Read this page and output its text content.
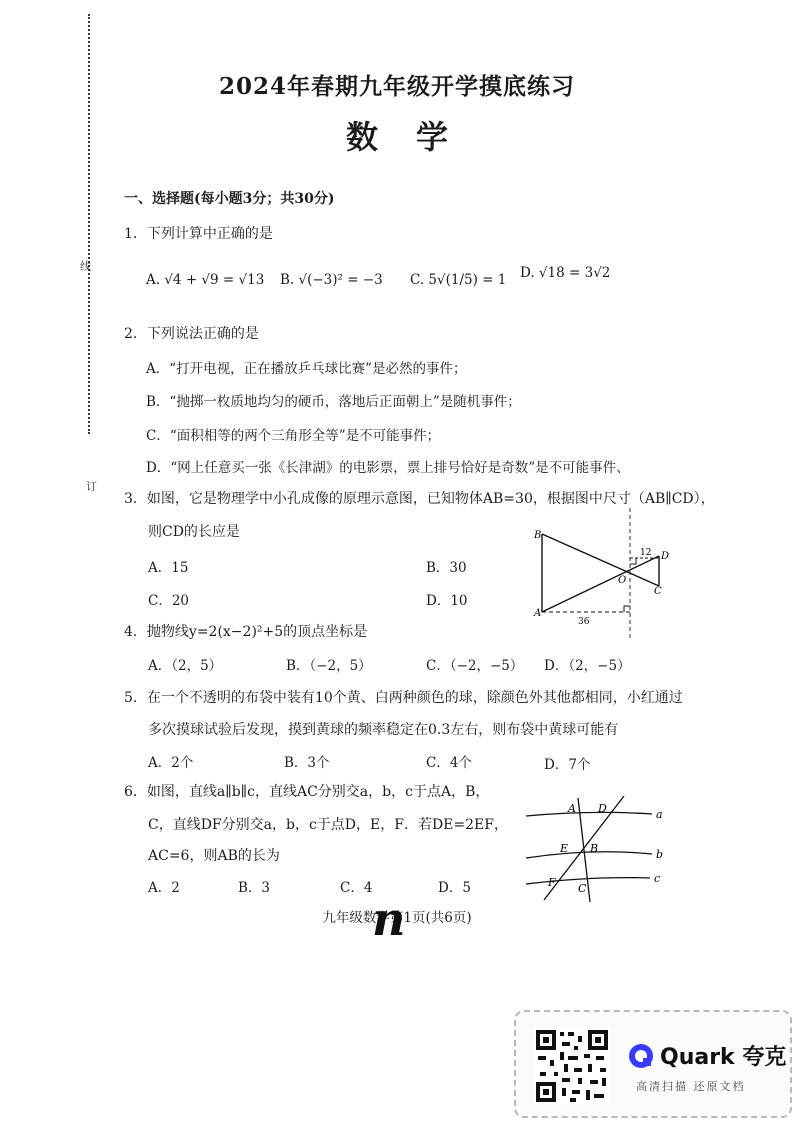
线
订
2024年春期九年级开学摸底练习
数学
一、选择题(每小题3分；共30分)
1．下列计算中正确的是
A. √4 + √9 = √13 B. √(−3)² = −3 C. 5√(1/5) = 1 D. √18 = 3√2
2．下列说法正确的是
A．“打开电视，正在播放乒乓球比赛”是必然的事件；
B．“抛掷一枚质地均匀的硬币，落地后正面朝上”是随机事件；
C．“面积相等的两个三角形全等”是不可能事件；
D．“网上任意买一张《长津湖》的电影票，票上排号恰好是奇数”是不可能事件、
3．如图，它是物理学中小孔成像的原理示意图，已知物体AB=30，根据图中尺寸（AB∥CD），
则CD的长应是
A．15	B．30
C．20	D．10
B
D
O
C
A
12
36
4．抛物线y=2(x−2)²+5的顶点坐标是
A．（2，5）	B．（−2，5）	C．（−2，−5） D．（2，−5）
5．在一个不透明的布袋中装有10个黄、白两种颜色的球，除颜色外其他都相同，小红通过
多次摸球试验后发现，摸到黄球的频率稳定在0.3左右，则布袋中黄球可能有
A．2个	B．3个	C．4个	D．7个
6．如图，直线a∥b∥c，直线AC分别交a，b，c于点A，B，
C，直线DF分别交a，b，c于点D，E，F．若DE=2EF，
AC=6，则AB的长为
A．2	B．3	C．4	D．5
A D	a
E B	b
F C
c
九年级数学第1页(共6页)
n
Quark 夸克
高清扫描 还原文档
